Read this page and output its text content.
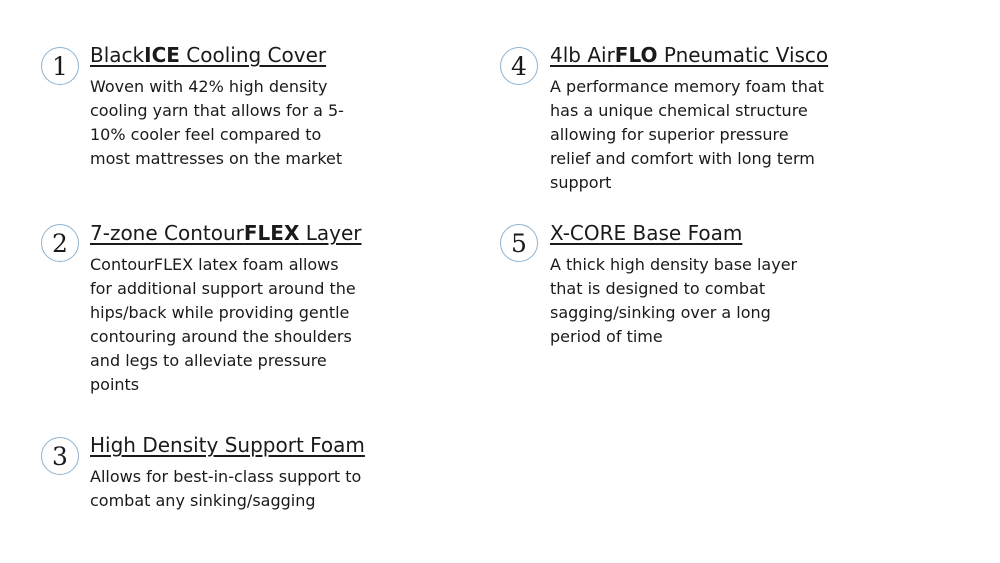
1	BlackICE Cooling Cover

Woven with 42% high density cooling yarn that allows for a 5-10% cooler feel compared to most mattresses on the market

2	7-zone ContourFLEX Layer

ContourFLEX latex foam allows for additional support around the hips/back while providing gentle contouring around the shoulders and legs to alleviate pressure points

3	High Density Support Foam

Allows for best-in-class support to combat any sinking/sagging

4	4lb AirFLO Pneumatic Visco

A performance memory foam that has a unique chemical structure allowing for superior pressure relief and comfort with long term support

5	X-CORE Base Foam

A thick high density base layer that is designed to combat sagging/sinking over a long period of time
